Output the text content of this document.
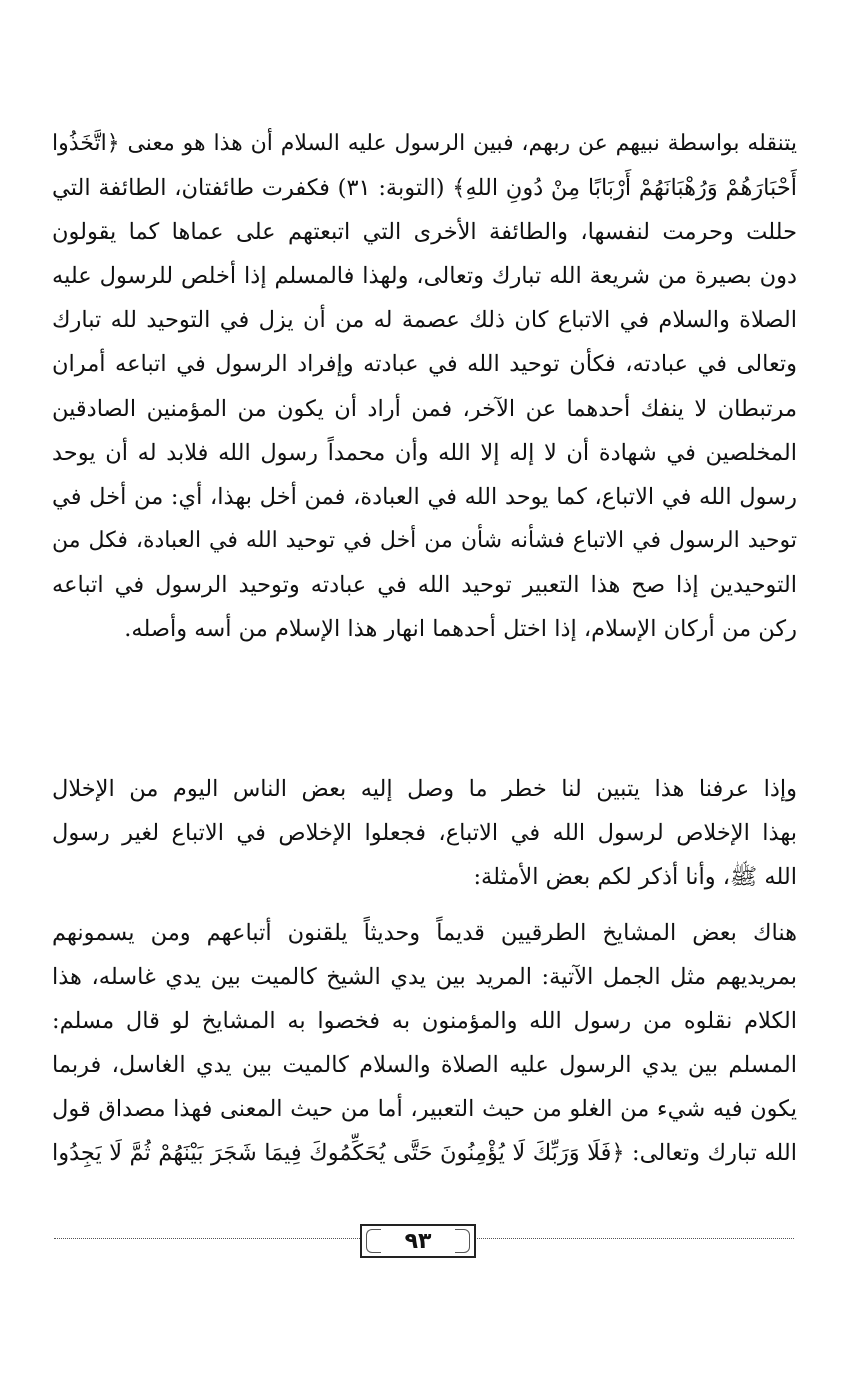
يتنقله بواسطة نبيهم عن ربهم، فبين الرسول عليه السلام أن هذا هو معنى ﴿اتَّخَذُوا
أَحْبَارَهُمْ وَرُهْبَانَهُمْ أَرْبَابًا مِنْ دُونِ اللهِ﴾ (التوبة: ٣١) فكفرت طائفتان، الطائفة التي
حللت وحرمت لنفسها، والطائفة الأخرى التي اتبعتهم على عماها كما يقولون
دون بصيرة من شريعة الله تبارك وتعالى، ولهذا فالمسلم إذا أخلص للرسول عليه
الصلاة والسلام في الاتباع كان ذلك عصمة له من أن يزل في التوحيد لله تبارك
وتعالى في عبادته، فكأن توحيد الله في عبادته وإفراد الرسول في اتباعه أمران
مرتبطان لا ينفك أحدهما عن الآخر، فمن أراد أن يكون من المؤمنين الصادقين
المخلصين في شهادة أن لا إله إلا الله وأن محمداً رسول الله فلابد له أن يوحد
رسول الله في الاتباع، كما يوحد الله في العبادة، فمن أخل بهذا، أي: من أخل في
توحيد الرسول في الاتباع فشأنه شأن من أخل في توحيد الله في العبادة، فكل من
التوحيدين إذا صح هذا التعبير توحيد الله في عبادته وتوحيد الرسول في اتباعه
ركن من أركان الإسلام، إذا اختل أحدهما انهار هذا الإسلام من أسه وأصله.
وإذا عرفنا هذا يتبين لنا خطر ما وصل إليه بعض الناس اليوم من الإخلال
بهذا الإخلاص لرسول الله في الاتباع، فجعلوا الإخلاص في الاتباع لغير رسول
الله ﷺ، وأنا أذكر لكم بعض الأمثلة:
هناك بعض المشايخ الطرقيين قديماً وحديثاً يلقنون أتباعهم ومن يسمونهم
بمريديهم مثل الجمل الآتية: المريد بين يدي الشيخ كالميت بين يدي غاسله، هذا
الكلام نقلوه من رسول الله والمؤمنون به فخصوا به المشايخ لو قال مسلم:
المسلم بين يدي الرسول عليه الصلاة والسلام كالميت بين يدي الغاسل، فربما
يكون فيه شيء من الغلو من حيث التعبير، أما من حيث المعنى فهذا مصداق قول
الله تبارك وتعالى: ﴿فَلَا وَرَبِّكَ لَا يُؤْمِنُونَ حَتَّى يُحَكِّمُوكَ فِيمَا شَجَرَ بَيْنَهُمْ ثُمَّ لَا يَجِدُوا
٩٣
